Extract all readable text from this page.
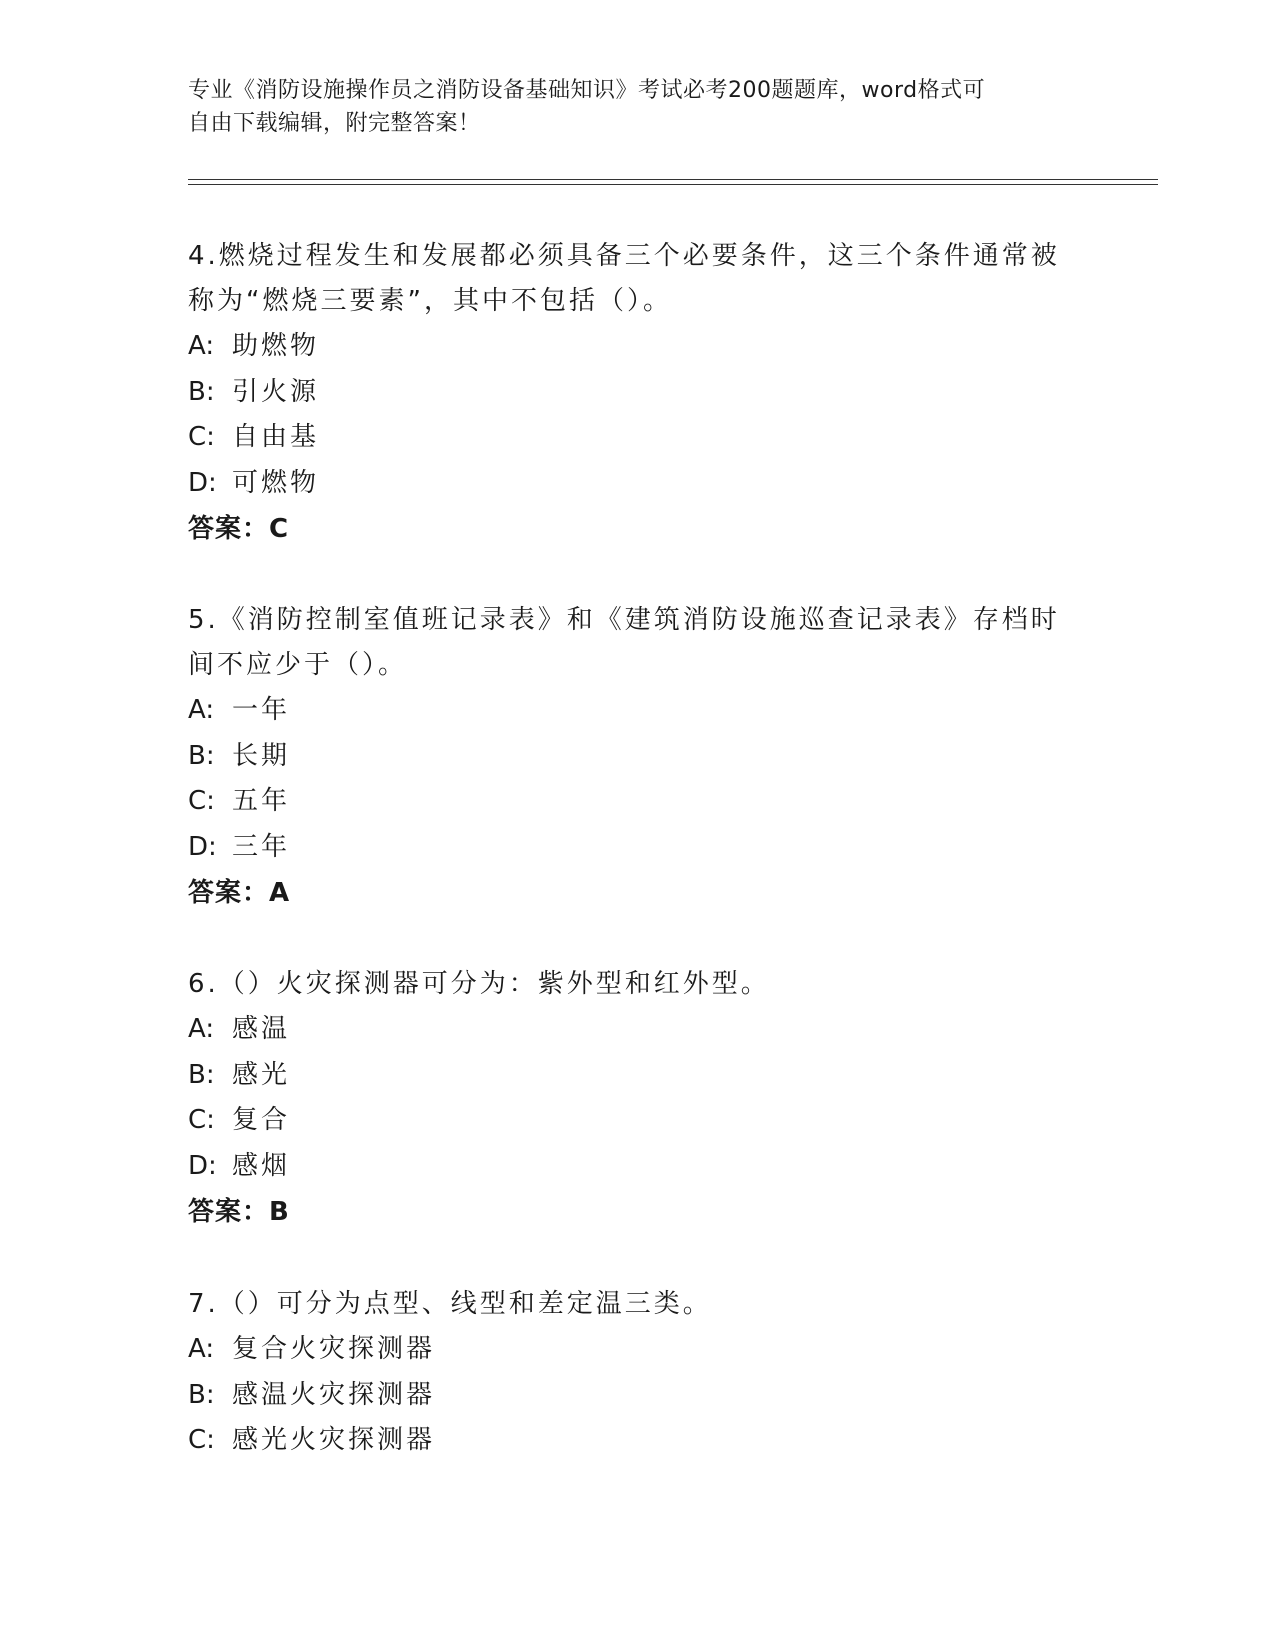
专业《消防设施操作员之消防设备基础知识》考试必考200题题库，word格式可
自由下载编辑，附完整答案！
4.燃烧过程发生和发展都必须具备三个必要条件，这三个条件通常被
称为“燃烧三要素”，其中不包括（）。
A: 助燃物
B: 引火源
C: 自由基
D: 可燃物
答案：C
5.《消防控制室值班记录表》和《建筑消防设施巡查记录表》存档时
间不应少于（）。
A: 一年
B: 长期
C: 五年
D: 三年
答案：A
6.（）火灾探测器可分为：紫外型和红外型。
A: 感温
B: 感光
C: 复合
D: 感烟
答案：B
7.（）可分为点型、线型和差定温三类。
A: 复合火灾探测器
B: 感温火灾探测器
C: 感光火灾探测器
